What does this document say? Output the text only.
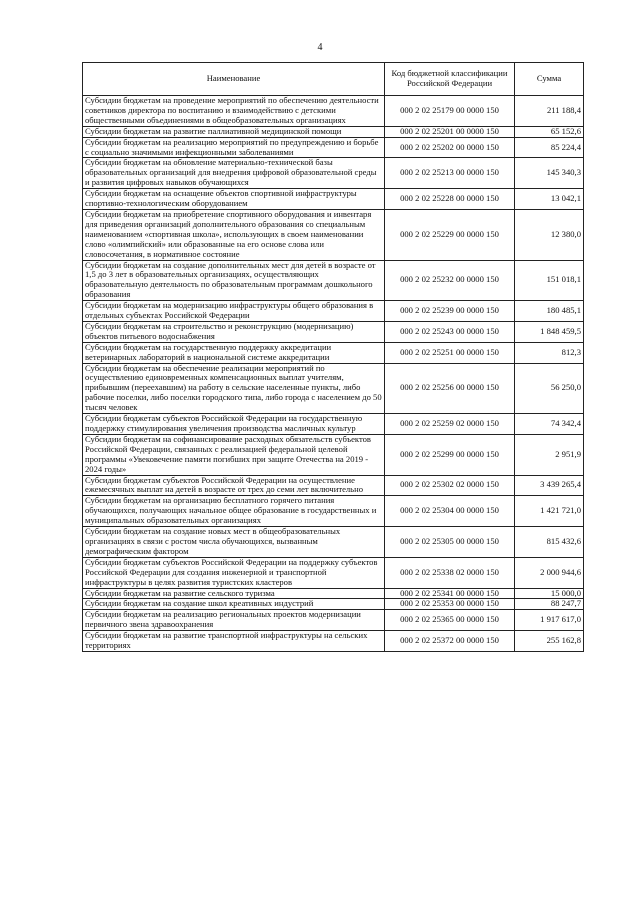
4
Наименование	Код бюджетной классификации Российской Федерации	Сумма
Субсидии бюджетам на проведение мероприятий по обеспечению деятельности советников директора по воспитанию и взаимодействию с детскими общественными объединениями в общеобразовательных организациях	000 2 02 25179 00 0000 150	211 188,4
Субсидии бюджетам на развитие паллиативной медицинской помощи	000 2 02 25201 00 0000 150	65 152,6
Субсидии бюджетам на реализацию мероприятий по предупреждению и борьбе с социально значимыми инфекционными заболеваниями	000 2 02 25202 00 0000 150	85 224,4
Субсидии бюджетам на обновление материально-технической базы образовательных организаций для внедрения цифровой образовательной среды и развития цифровых навыков обучающихся	000 2 02 25213 00 0000 150	145 340,3
Субсидии бюджетам на оснащение объектов спортивной инфраструктуры спортивно-технологическим оборудованием	000 2 02 25228 00 0000 150	13 042,1
Субсидии бюджетам на приобретение спортивного оборудования и инвентаря для приведения организаций дополнительного образования со специальным наименованием «спортивная школа», использующих в своем наименовании слово «олимпийский» или образованные на его основе слова или словосочетания, в нормативное состояние	000 2 02 25229 00 0000 150	12 380,0
Субсидии бюджетам на создание дополнительных мест для детей в возрасте от 1,5 до 3 лет в образовательных организациях, осуществляющих образовательную деятельность по образовательным программам дошкольного образования	000 2 02 25232 00 0000 150	151 018,1
Субсидии бюджетам на модернизацию инфраструктуры общего образования в отдельных субъектах Российской Федерации	000 2 02 25239 00 0000 150	180 485,1
Субсидии бюджетам на строительство и реконструкцию (модернизацию) объектов питьевого водоснабжения	000 2 02 25243 00 0000 150	1 848 459,5
Субсидии бюджетам на государственную поддержку аккредитации ветеринарных лабораторий в национальной системе аккредитации	000 2 02 25251 00 0000 150	812,3
Субсидии бюджетам на обеспечение реализации мероприятий по осуществлению единовременных компенсационных выплат учителям, прибывшим (переехавшим) на работу в сельские населенные пункты, либо рабочие поселки, либо поселки городского типа, либо города с населением до 50 тысяч человек	000 2 02 25256 00 0000 150	56 250,0
Субсидии бюджетам субъектов Российской Федерации на государственную поддержку стимулирования увеличения производства масличных культур	000 2 02 25259 02 0000 150	74 342,4
Субсидии бюджетам на софинансирование расходных обязательств субъектов Российской Федерации, связанных с реализацией федеральной целевой программы «Увековечение памяти погибших при защите Отечества на 2019 - 2024 годы»	000 2 02 25299 00 0000 150	2 951,9
Субсидии бюджетам субъектов Российской Федерации на осуществление ежемесячных выплат на детей в возрасте от трех до семи лет включительно	000 2 02 25302 02 0000 150	3 439 265,4
Субсидии бюджетам на организацию бесплатного горячего питания обучающихся, получающих начальное общее образование в государственных и муниципальных образовательных организациях	000 2 02 25304 00 0000 150	1 421 721,0
Субсидии бюджетам на создание новых мест в общеобразовательных организациях в связи с ростом числа обучающихся, вызванным демографическим фактором	000 2 02 25305 00 0000 150	815 432,6
Субсидии бюджетам субъектов Российской Федерации на поддержку субъектов Российской Федерации для создания инженерной и транспортной инфраструктуры в целях развития туристских кластеров	000 2 02 25338 02 0000 150	2 000 944,6
Субсидии бюджетам на развитие сельского туризма	000 2 02 25341 00 0000 150	15 000,0
Субсидии бюджетам на создание школ креативных индустрий	000 2 02 25353 00 0000 150	88 247,7
Субсидии бюджетам на реализацию региональных проектов модернизации первичного звена здравоохранения	000 2 02 25365 00 0000 150	1 917 617,0
Субсидии бюджетам на развитие транспортной инфраструктуры на сельских территориях	000 2 02 25372 00 0000 150	255 162,8
